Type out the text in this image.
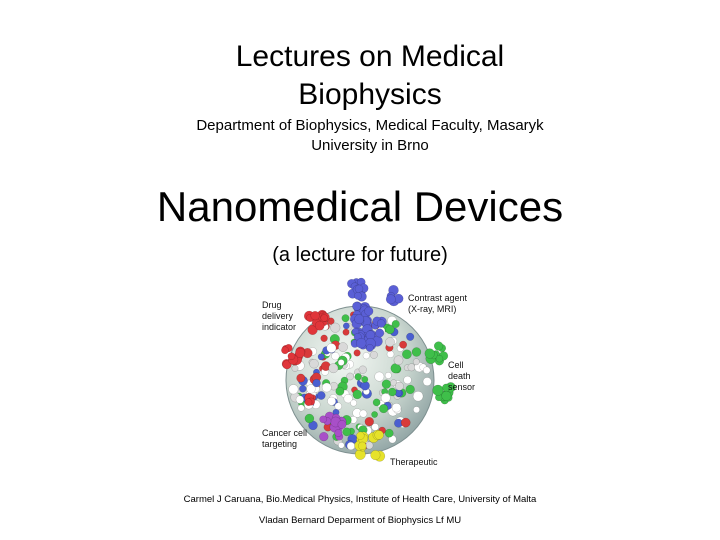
Lectures on Medical Biophysics
Department of Biophysics, Medical Faculty, Masaryk University in Brno
Nanomedical Devices
(a lecture for future)
Drug
delivery
indicator
Contrast agent
(X-ray, MRI)
Cell
death
sensor
Cancer cell
targeting
Therapeutic
Carmel J Caruana, Bio.Medical Physics, Institute of Health Care, University of Malta
Vladan Bernard Deparment of Biophysics Lf MU
